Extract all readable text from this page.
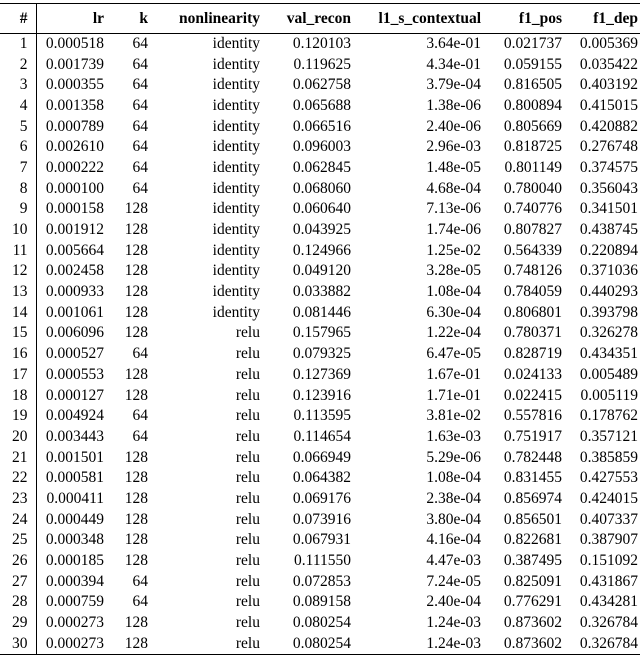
#	lr	k	nonlinearity	val_recon	l1_s_contextual	f1_pos	f1_dep
1	0.000518	64	identity	0.120103	3.64e-01	0.021737	0.005369
2	0.001739	64	identity	0.119625	4.34e-01	0.059155	0.035422
3	0.000355	64	identity	0.062758	3.79e-04	0.816505	0.403192
4	0.001358	64	identity	0.065688	1.38e-06	0.800894	0.415015
5	0.000789	64	identity	0.066516	2.40e-06	0.805669	0.420882
6	0.002610	64	identity	0.096003	2.96e-03	0.818725	0.276748
7	0.000222	64	identity	0.062845	1.48e-05	0.801149	0.374575
8	0.000100	64	identity	0.068060	4.68e-04	0.780040	0.356043
9	0.000158	128	identity	0.060640	7.13e-06	0.740776	0.341501
10	0.001912	128	identity	0.043925	1.74e-06	0.807827	0.438745
11	0.005664	128	identity	0.124966	1.25e-02	0.564339	0.220894
12	0.002458	128	identity	0.049120	3.28e-05	0.748126	0.371036
13	0.000933	128	identity	0.033882	1.08e-04	0.784059	0.440293
14	0.001061	128	identity	0.081446	6.30e-04	0.806801	0.393798
15	0.006096	128	relu	0.157965	1.22e-04	0.780371	0.326278
16	0.000527	64	relu	0.079325	6.47e-05	0.828719	0.434351
17	0.000553	128	relu	0.127369	1.67e-01	0.024133	0.005489
18	0.000127	128	relu	0.123916	1.71e-01	0.022415	0.005119
19	0.004924	64	relu	0.113595	3.81e-02	0.557816	0.178762
20	0.003443	64	relu	0.114654	1.63e-03	0.751917	0.357121
21	0.001501	128	relu	0.066949	5.29e-06	0.782448	0.385859
22	0.000581	128	relu	0.064382	1.08e-04	0.831455	0.427553
23	0.000411	128	relu	0.069176	2.38e-04	0.856974	0.424015
24	0.000449	128	relu	0.073916	3.80e-04	0.856501	0.407337
25	0.000348	128	relu	0.067931	4.16e-04	0.822681	0.387907
26	0.000185	128	relu	0.111550	4.47e-03	0.387495	0.151092
27	0.000394	64	relu	0.072853	7.24e-05	0.825091	0.431867
28	0.000759	64	relu	0.089158	2.40e-04	0.776291	0.434281
29	0.000273	128	relu	0.080254	1.24e-03	0.873602	0.326784
30	0.000273	128	relu	0.080254	1.24e-03	0.873602	0.326784
